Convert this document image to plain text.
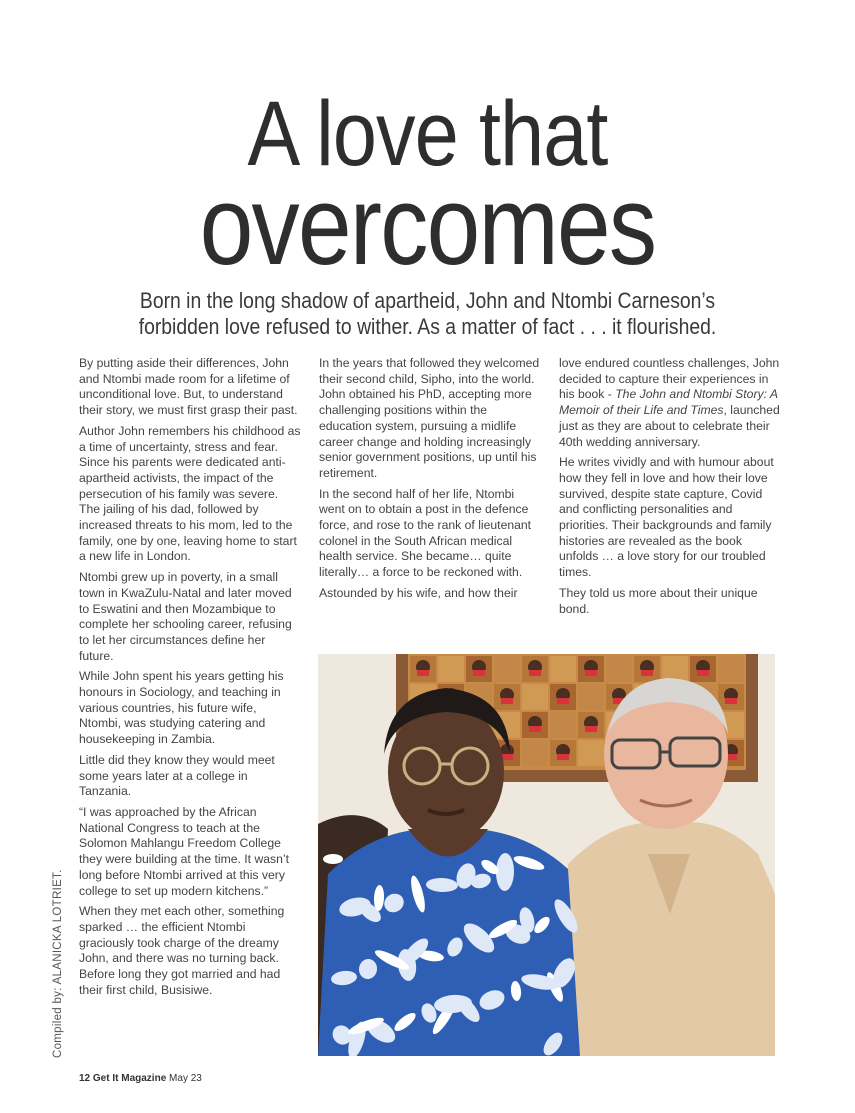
A love that
overcomes
Born in the long shadow of apartheid, John and Ntombi Carneson’s
forbidden love refused to wither. As a matter of fact . . . it flourished.

By putting aside their differences, John and Ntombi made room for a lifetime of unconditional love. But, to understand their story, we must first grasp their past.

Author John remembers his childhood as a time of uncertainty, stress and fear. Since his parents were dedicated anti-apartheid activists, the impact of the persecution of his family was severe. The jailing of his dad, followed by increased threats to his mom, led to the family, one by one, leaving home to start a new life in London.

Ntombi grew up in poverty, in a small town in KwaZulu-Natal and later moved to Eswatini and then Mozambique to complete her schooling career, refusing to let her circumstances define her future.

While John spent his years getting his honours in Sociology, and teaching in various countries, his future wife, Ntombi, was studying catering and housekeeping in Zambia.

Little did they know they would meet some years later at a college in Tanzania.

“I was approached by the African National Congress to teach at the Solomon Mahlangu Freedom College they were building at the time. It wasn’t long before Ntombi arrived at this very college to set up modern kitchens.”

When they met each other, something sparked … the efficient Ntombi graciously took charge of the dreamy John, and there was no turning back. Before long they got married and had their first child, Busisiwe.

In the years that followed they welcomed their second child, Sipho, into the world. John obtained his PhD, accepting more challenging positions within the education system, pursuing a midlife career change and holding increasingly senior government positions, up until his retirement.

In the second half of her life, Ntombi went on to obtain a post in the defence force, and rose to the rank of lieutenant colonel in the South African medical health service. She became… quite literally… a force to be reckoned with.

Astounded by his wife, and how their

love endured countless challenges, John decided to capture their experiences in his book - The John and Ntombi Story: A Memoir of their Life and Times, launched just as they are about to celebrate their 40th wedding anniversary.

He writes vividly and with humour about how they fell in love and how their love survived, despite state capture, Covid and conflicting personalities and priorities. Their backgrounds and family histories are revealed as the book unfolds … a love story for our troubled times.

They told us more about their unique bond.

Compiled by: ALANICKA LOTRIET.
12 Get It Magazine May 23
